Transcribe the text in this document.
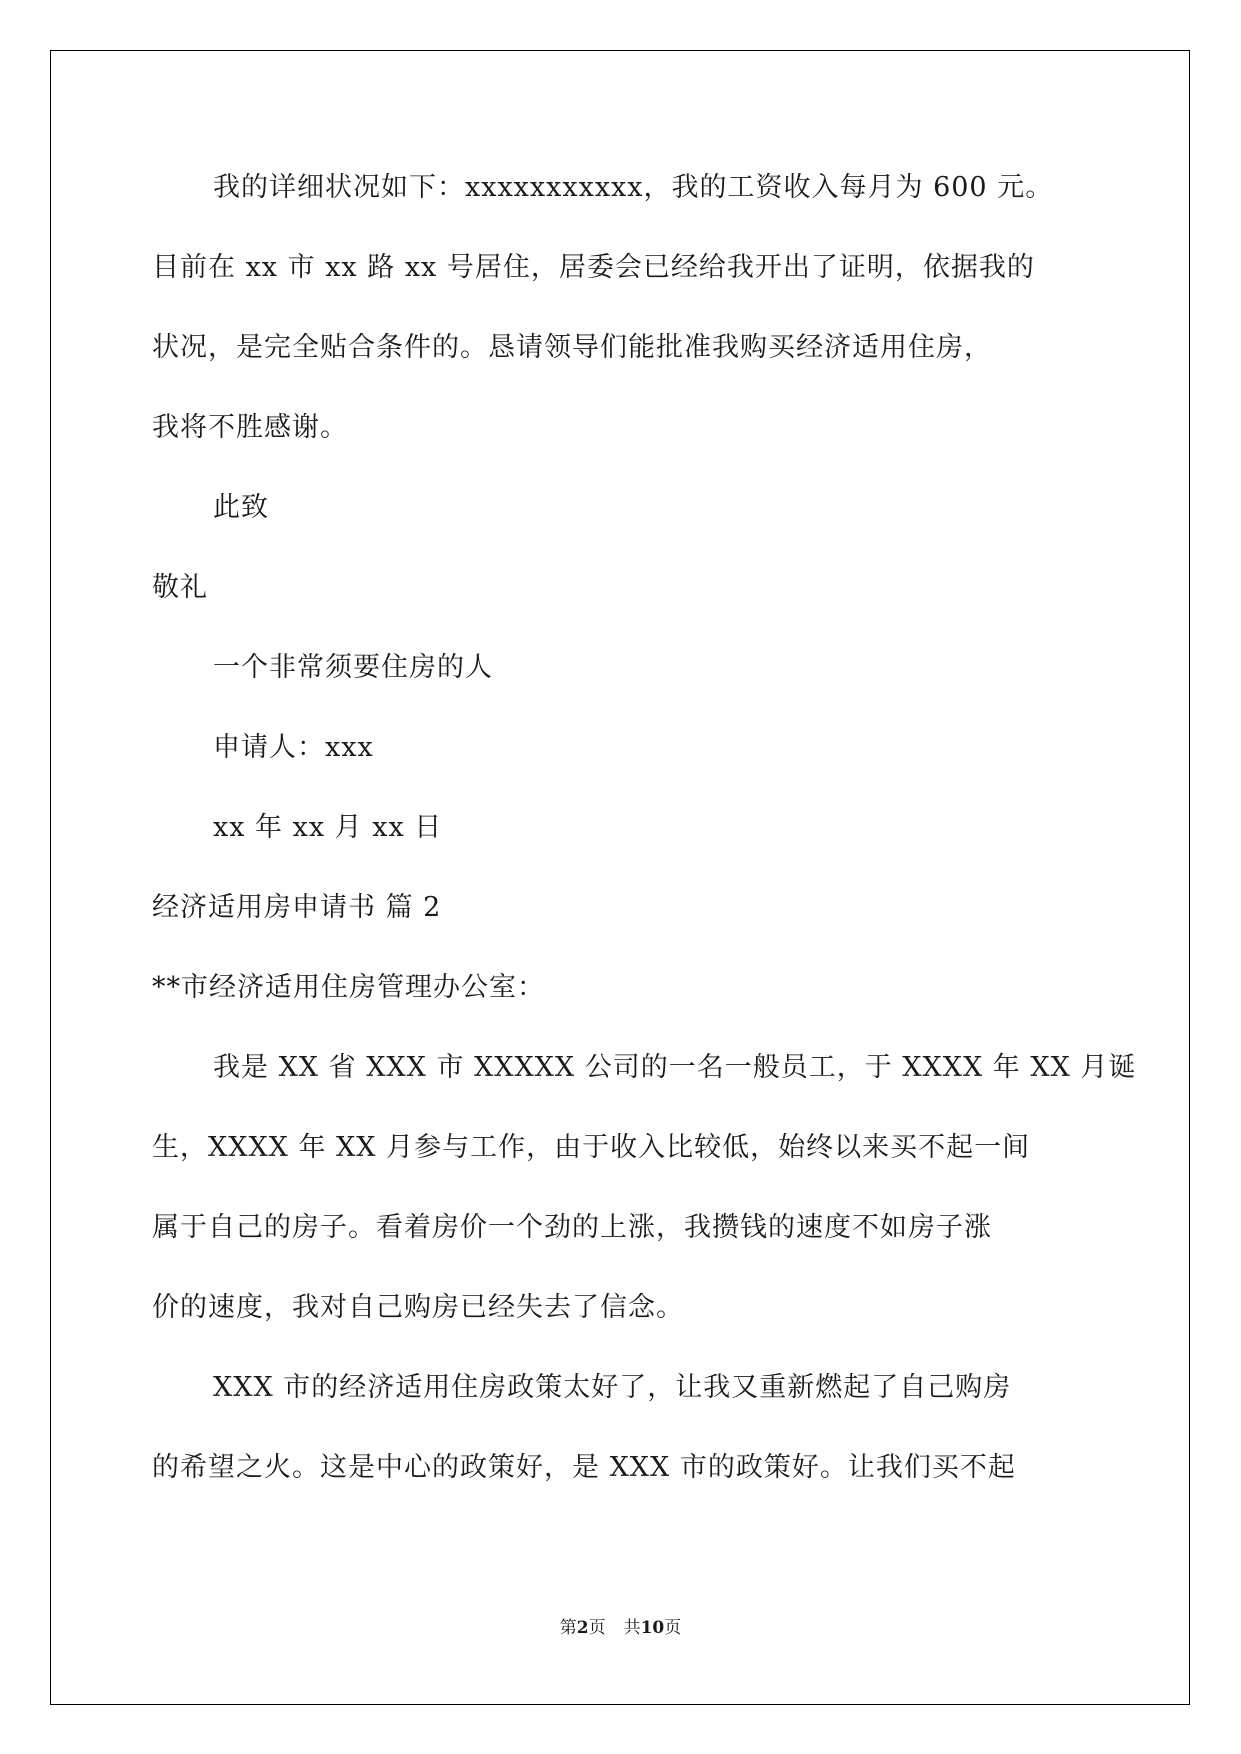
我的详细状况如下：xxxxxxxxxxx，我的工资收入每月为 600 元。

目前在 xx 市 xx 路 xx 号居住，居委会已经给我开出了证明，依据我的

状况，是完全贴合条件的。恳请领导们能批准我购买经济适用住房，

我将不胜感谢。

此致

敬礼

一个非常须要住房的人

申请人：xxx

xx 年 xx 月 xx 日

经济适用房申请书 篇 2

**市经济适用住房管理办公室：

我是 XX 省 XXX 市 XXXXX 公司的一名一般员工，于 XXXX 年 XX 月诞

生，XXXX 年 XX 月参与工作，由于收入比较低，始终以来买不起一间

属于自己的房子。看着房价一个劲的上涨，我攒钱的速度不如房子涨

价的速度，我对自己购房已经失去了信念。

XXX 市的经济适用住房政策太好了，让我又重新燃起了自己购房

的希望之火。这是中心的政策好，是 XXX 市的政策好。让我们买不起

第2页 共10页
